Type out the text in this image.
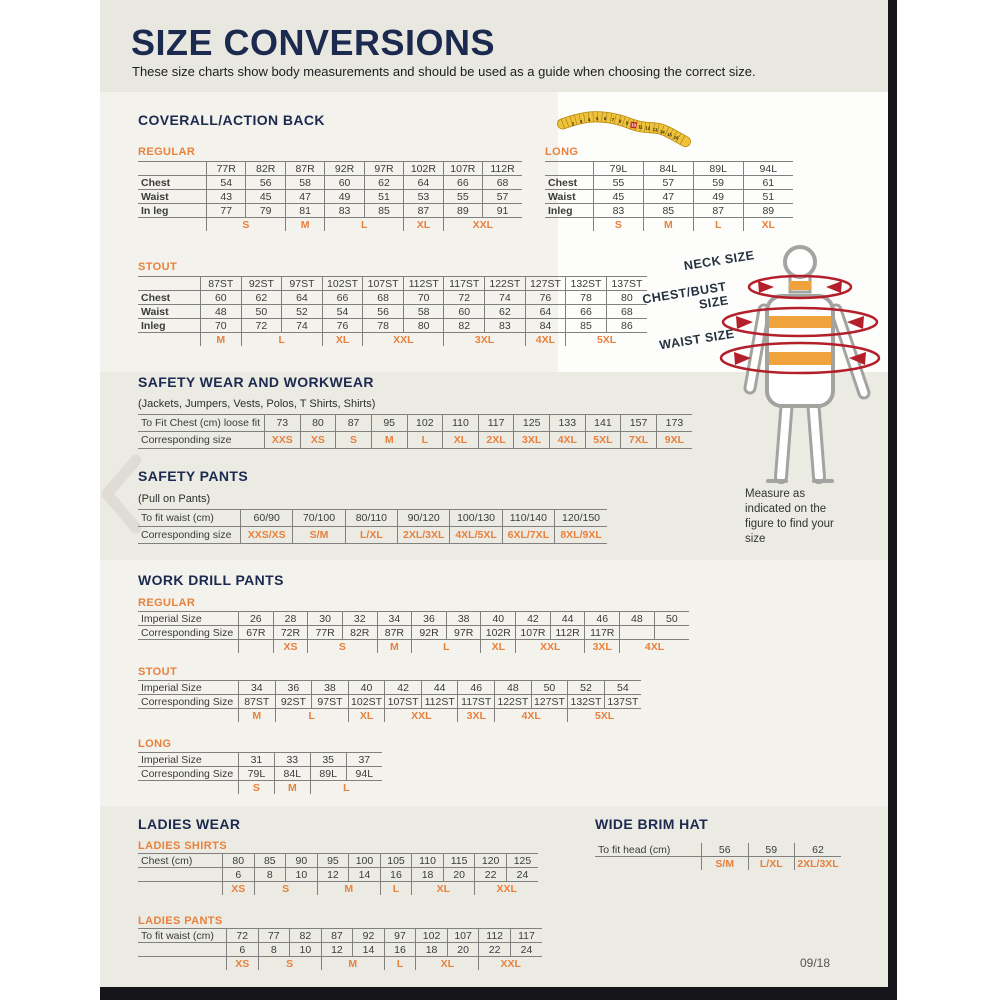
SIZE CONVERSIONS
These size charts show body measurements and should be used as a guide when choosing the correct size.
2 3 4 5 6 7 8 9 10 11 12 13 14 15
16
COVERALL/ACTION BACK
REGULAR	LONG
STOUT
	77R	82R	87R	92R	97R	102R	107R	112R
Chest	54	56	58	60	62	64	66	68
Waist	43	45	47	49	51	53	55	57
In leg	77	79	81	83	85	87	89	91
	S		M	L		XL	XXL	
	79L	84L	89L	94L
Chest	55	57	59	61
Waist	45	47	49	51
Inleg	83	85	87	89
	S	M	L	XL
	87ST	92ST	97ST	102ST	107ST	112ST	117ST	122ST	127ST	132ST	137ST
Chest	60	62	64	66	68	70	72	74	76	78	80
Waist	48	50	52	54	56	58	60	62	64	66	68
Inleg	70	72	74	76	78	80	82	83	84	85	86
	M	L		XL	XXL		3XL		4XL	5XL	
SAFETY WEAR AND WORKWEAR
(Jackets, Jumpers, Vests, Polos, T Shirts, Shirts)
To Fit Chest (cm) loose fit	73	80	87	95	102	110	117	125	133	141	157	173
Corresponding size	XXS	XS	S	M	L	XL	2XL	3XL	4XL	5XL	7XL	9XL
SAFETY PANTS
(Pull on Pants)
To fit waist (cm)	60/90	70/100	80/110	90/120	100/130	110/140	120/150
Corresponding size	XXS/XS	S/M	L/XL	2XL/3XL	4XL/5XL	6XL/7XL	8XL/9XL
WORK DRILL PANTS
REGULAR
Imperial Size	26	28	30	32	34	36	38	40	42	44	46	48	50
Corresponding Size	67R	72R	77R	82R	87R	92R	97R	102R	107R	112R	117R		
		XS	S		M	L		XL	XXL		3XL	4XL	
STOUT
Imperial Size	34	36	38	40	42	44	46	48	50	52	54
Corresponding Size	87ST	92ST	97ST	102ST	107ST	112ST	117ST	122ST	127ST	132ST	137ST
	M	L		XL	XXL		3XL	4XL		5XL	
LONG
Imperial Size	31	33	35	37
Corresponding Size	79L	84L	89L	94L
	S	M	L	
LADIES WEAR
LADIES SHIRTS
Chest (cm)	80	85	90	95	100	105	110	115	120	125
	6	8	10	12	14	16	18	20	22	24
	XS	S		M		L	XL		XXL	
LADIES PANTS
To fit waist (cm)	72	77	82	87	92	97	102	107	112	117
	6	8	10	12	14	16	18	20	22	24
	XS	S		M		L	XL		XXL	
WIDE BRIM HAT
To fit head (cm)	56	59	62
	S/M	L/XL	2XL/3XL
NECK SIZE
CHEST/BUST SIZE
WAIST SIZE
Measure as indicated on the figure to find your size
09/18
